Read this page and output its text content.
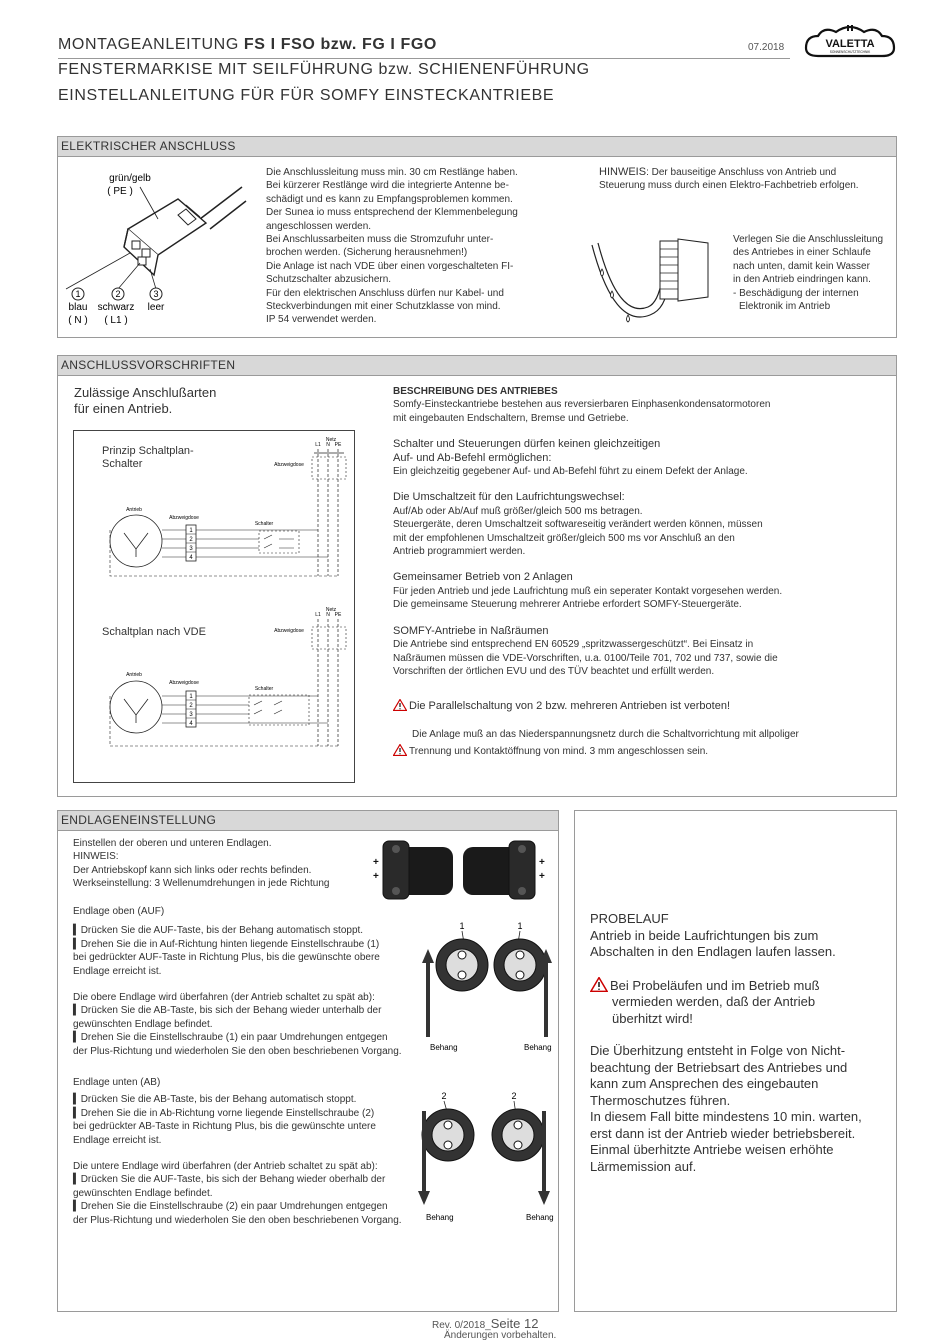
MONTAGEANLEITUNG FS I FSO bzw. FG I FGO
FENSTERMARKISE MIT SEILFÜHRUNG bzw. SCHIENENFÜHRUNG
EINSTELLANLEITUNG FÜR FÜR SOMFY EINSTECKANTRIEBE
07.2018	VALETTA
SONNENSCHUTZTECHNIK
ELEKTRISCHER ANSCHLUSS
1	2	3
grün/gelb
( PE )
blau
( N )
schwarz
( L1 )
leer

Die Anschlussleitung muss min. 30 cm Restlänge haben.

Bei kürzerer Restlänge wird die integrierte Antenne be-

schädigt und es kann zu Empfangsproblemen kommen.

Der Sunea io muss entsprechend der Klemmenbelegung

angeschlossen werden.

Bei Anschlussarbeiten muss die Stromzufuhr unter-

brochen werden. (Sicherung herausnehmen!)

Die Anlage ist nach VDE über einen vorgeschalteten FI-

Schutzschalter abzusichern.

Für den elektrischen Anschluss dürfen nur Kabel- und

Steckverbindungen mit einer Schutzklasse von mind.

IP 54 verwendet werden.

HINWEIS: Der bauseitige Anschluss von Antrieb und

Steuerung muss durch einen Elektro-Fachbetrieb erfolgen.

Verlegen Sie die Anschlussleitung

des Antriebes in einer Schlaufe

nach unten, damit kein Wasser

in den Antrieb eindringen kann.

- Beschädigung der internen

Elektronik im Antrieb

ANSCHLUSSVORSCHRIFTEN

Zulässige Anschlußarten

für einen Antrieb.

Prinzip Schaltplan-

Schalter

Schaltplan nach VDE
Netz
L1 N PE
Abzweigdose
Antrieb
Abzweigdose
Schalter
1
2
3
4
Netz
L1 N PE
Abzweigdose
Antrieb
Abzweigdose
Schalter
1
2
3
4

BESCHREIBUNG DES ANTRIEBES

Somfy-Einsteckantriebe bestehen aus reversierbaren Einphasenkondensatormotoren

mit eingebauten Endschaltern, Bremse und Getriebe.

Schalter und Steuerungen dürfen keinen gleichzeitigen

Auf- und Ab-Befehl ermöglichen:

Ein gleichzeitig gegebener Auf- und Ab-Befehl führt zu einem Defekt der Anlage.

Die Umschaltzeit für den Laufrichtungswechsel:

Auf/Ab oder Ab/Auf muß größer/gleich 500 ms betragen.

Steuergeräte, deren Umschaltzeit softwareseitig verändert werden können, müssen

mit der empfohlenen Umschaltzeit größer/gleich 500 ms vor Anschluß an den

Antrieb programmiert werden.

Gemeinsamer Betrieb von 2 Anlagen

Für jeden Antrieb und jede Laufrichtung muß ein seperater Kontakt vorgesehen werden.

Die gemeinsame Steuerung mehrerer Antriebe erfordert SOMFY-Steuergeräte.

SOMFY-Antriebe in Naßräumen

Die Antriebe sind entsprechend EN 60529 „spritzwassergeschützt“. Bei Einsatz in

Naßräumen müssen die VDE-Vorschriften, u.a. 0100/Teile 701, 702 und 737, sowie die

Vorschriften der örtlichen EVU und des TÜV beachtet und erfüllt werden.

Die Parallelschaltung von 2 bzw. mehreren Antrieben ist verboten!

Die Anlage muß an das Niederspannungsnetz durch die Schaltvorrichtung mit allpoliger

Trennung und Kontaktöffnung von mind. 3 mm angeschlossen sein.
ENDLAGENEINSTELLUNG

Einstellen der oberen und unteren Endlagen.

HINWEIS:

Der Antriebskopf kann sich links oder rechts befinden.

Werkseinstellung: 3 Wellenumdrehungen in jede Richtung

+
+
+
+

Endlage oben (AUF)

▍Drücken Sie die AUF-Taste, bis der Behang automatisch stoppt.

▍Drehen Sie die in Auf-Richtung hinten liegende Einstellschraube (1)

bei gedrückter AUF-Taste in Richtung Plus, bis die gewünschte obere

Endlage erreicht ist.

Die obere Endlage wird überfahren (der Antrieb schaltet zu spät ab):

▍Drücken Sie die AB-Taste, bis sich der Behang wieder unterhalb der

gewünschten Endlage befindet.

▍Drehen Sie die Einstellschraube (1) ein paar Umdrehungen entgegen

der Plus-Richtung und wiederholen Sie den oben beschriebenen Vorgang.

Endlage unten (AB)

▍Drücken Sie die AB-Taste, bis der Behang automatisch stoppt.

▍Drehen Sie die in Ab-Richtung vorne liegende Einstellschraube (2)

bei gedrückter AB-Taste in Richtung Plus, bis die gewünschte untere

Endlage erreicht ist.

Die untere Endlage wird überfahren (der Antrieb schaltet zu spät ab):

▍Drücken Sie die AUF-Taste, bis sich der Behang wieder oberhalb der

gewünschten Endlage befindet.

▍Drehen Sie die Einstellschraube (2) ein paar Umdrehungen entgegen

der Plus-Richtung und wiederholen Sie den oben beschriebenen Vorgang.

1	1
Behang	Behang
2	2
Behang	Behang

PROBELAUF

Antrieb in beide Laufrichtungen bis zum

Abschalten in den Endlagen laufen lassen.

Bei Probeläufen und im Betrieb muß

vermieden werden, daß der Antrieb

überhitzt wird!

Die Überhitzung entsteht in Folge von Nicht-

beachtung der Betriebsart des Antriebes und

kann zum Ansprechen des eingebauten

Thermoschutzes führen.

In diesem Fall bitte mindestens 10 min. warten,

erst dann ist der Antrieb wieder betriebsbereit.

Einmal überhitzte Antriebe weisen erhöhte

Lärmemission auf.

Rev. 0/2018_Seite 12
Änderungen vorbehalten.
